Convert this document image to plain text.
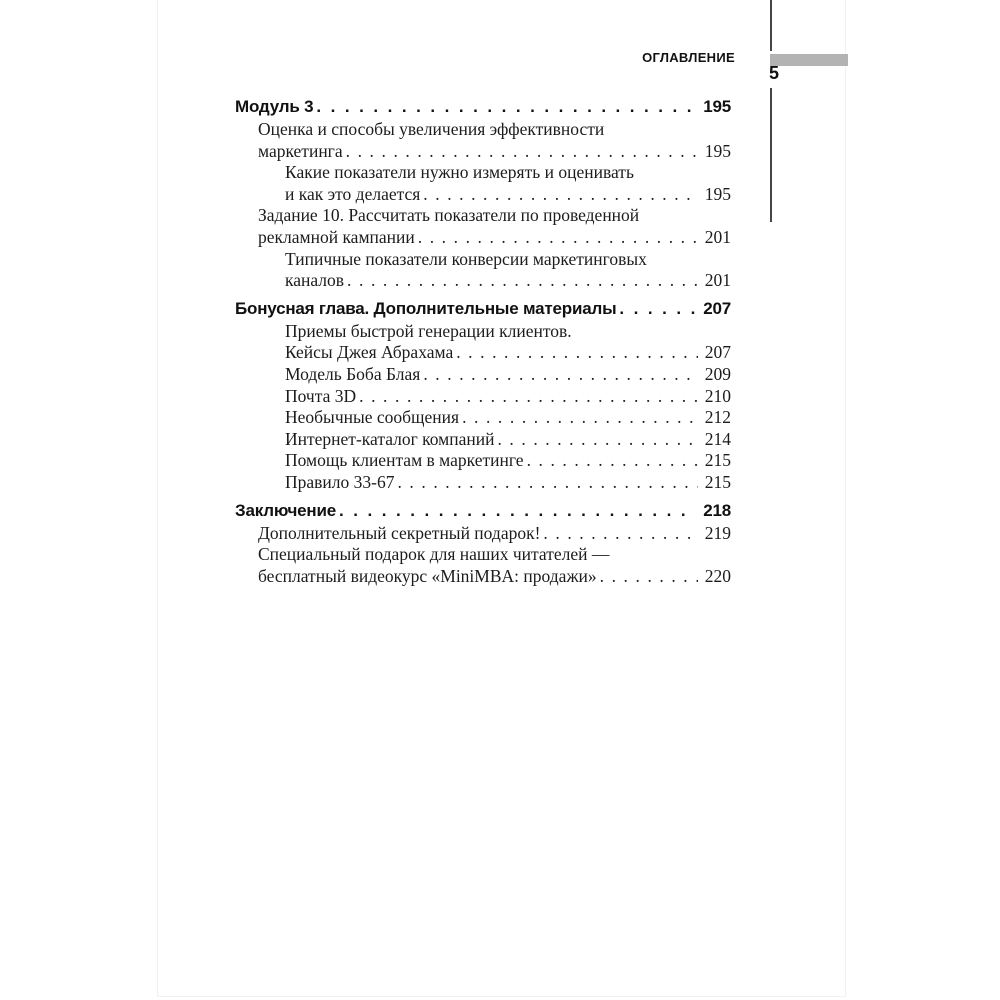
ОГЛАВЛЕНИЕ
5
Модуль 3 . . .	195
Оценка и способы увеличения эффективности
маркетинга . . .	195
Какие показатели нужно измерять и оценивать
и как это делается . . .	195
Задание 10. Рассчитать показатели по проведенной
рекламной кампании . . .	201
Типичные показатели конверсии маркетинговых
каналов . . .	201
Бонусная глава. Дополнительные материалы . . .	207
Приемы быстрой генерации клиентов.
Кейсы Джея Абрахама . . .	207
Модель Боба Блая . . .	209
Почта 3D . . .	210
Необычные сообщения . . .	212
Интернет-каталог компаний . . .	214
Помощь клиентам в маркетинге . . .	215
Правило 33-67 . . .	215
Заключение . . .	218
Дополнительный секретный подарок! . . .	219
Специальный подарок для наших читателей —
бесплатный видеокурс «MiniMBA: продажи» . . .	220
